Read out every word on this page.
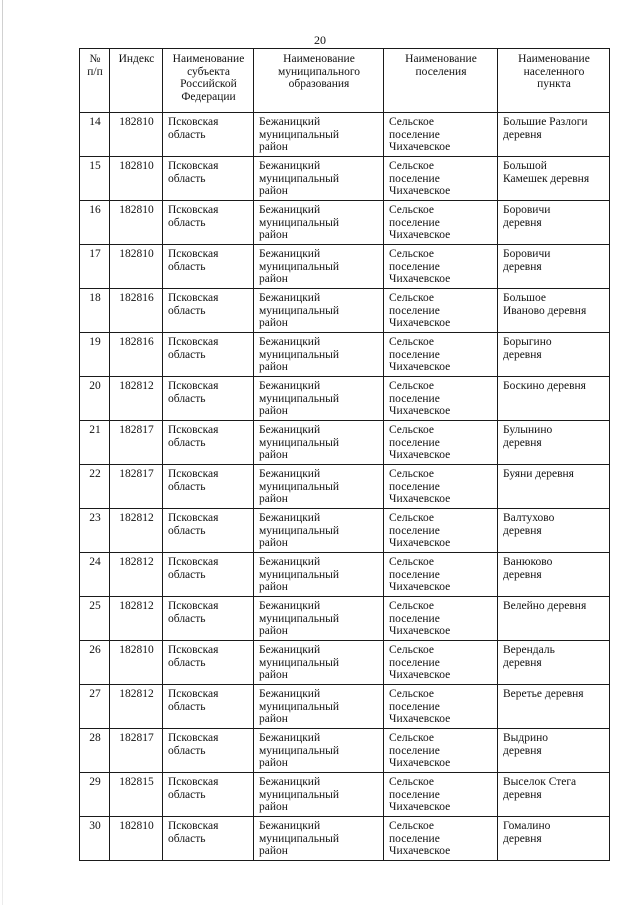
20
№
п/п	Индекс	Наименование
субъекта
Российской
Федерации	Наименование
муниципального
образования	Наименование
поселения	Наименование
населенного
пункта

14	182810	Псковская
область	Бежаницкий
муниципальный
район	Сельское
поселение
Чихачевское	Большие Разлоги
деревня

15	182810	Псковская
область	Бежаницкий
муниципальный
район	Сельское
поселение
Чихачевское	Большой
Камешек деревня

16	182810	Псковская
область	Бежаницкий
муниципальный
район	Сельское
поселение
Чихачевское	Боровичи
деревня

17	182810	Псковская
область	Бежаницкий
муниципальный
район	Сельское
поселение
Чихачевское	Боровичи
деревня

18	182816	Псковская
область	Бежаницкий
муниципальный
район	Сельское
поселение
Чихачевское	Большое
Иваново деревня

19	182816	Псковская
область	Бежаницкий
муниципальный
район	Сельское
поселение
Чихачевское	Борыгино
деревня

20	182812	Псковская
область	Бежаницкий
муниципальный
район	Сельское
поселение
Чихачевское	Боскино деревня

21	182817	Псковская
область	Бежаницкий
муниципальный
район	Сельское
поселение
Чихачевское	Булынино
деревня

22	182817	Псковская
область	Бежаницкий
муниципальный
район	Сельское
поселение
Чихачевское	Буяни деревня

23	182812	Псковская
область	Бежаницкий
муниципальный
район	Сельское
поселение
Чихачевское	Валтухово
деревня

24	182812	Псковская
область	Бежаницкий
муниципальный
район	Сельское
поселение
Чихачевское	Ванюково
деревня

25	182812	Псковская
область	Бежаницкий
муниципальный
район	Сельское
поселение
Чихачевское	Велейно деревня

26	182810	Псковская
область	Бежаницкий
муниципальный
район	Сельское
поселение
Чихачевское	Верендаль
деревня

27	182812	Псковская
область	Бежаницкий
муниципальный
район	Сельское
поселение
Чихачевское	Веретье деревня

28	182817	Псковская
область	Бежаницкий
муниципальный
район	Сельское
поселение
Чихачевское	Выдрино
деревня

29	182815	Псковская
область	Бежаницкий
муниципальный
район	Сельское
поселение
Чихачевское	Выселок Стега
деревня

30	182810	Псковская
область	Бежаницкий
муниципальный
район	Сельское
поселение
Чихачевское	Гомалино
деревня
